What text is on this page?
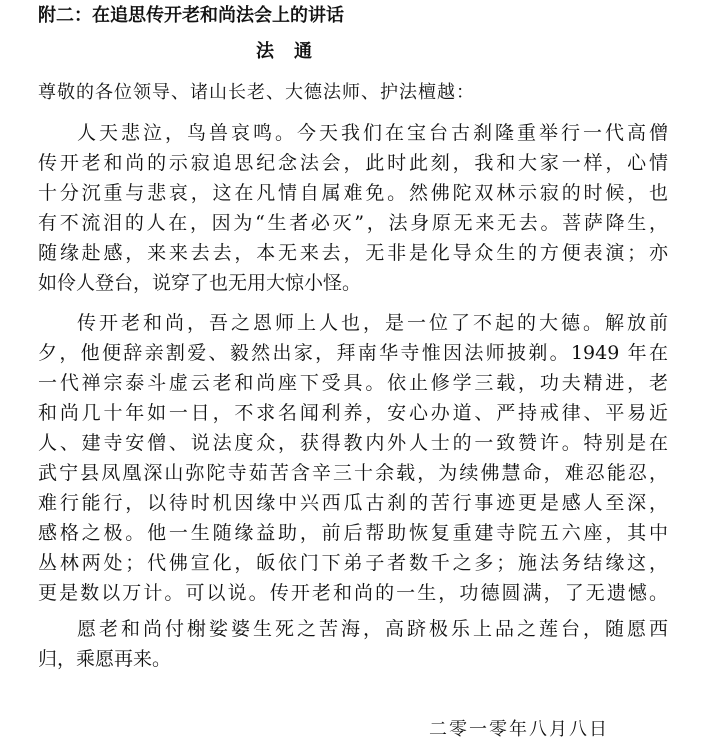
附二：在追思传开老和尚法会上的讲话
法通
尊敬的各位领导、诸山长老、大德法师、护法檀越：
人天悲泣，鸟兽哀鸣。今天我们在宝台古刹隆重举行一代高僧
传开老和尚的示寂追思纪念法会，此时此刻，我和大家一样，心情
十分沉重与悲哀，这在凡情自属难免。然佛陀双林示寂的时候，也
有不流泪的人在，因为“生者必灭”，法身原无来无去。菩萨降生，
随缘赴感，来来去去，本无来去，无非是化导众生的方便表演；亦
如伶人登台，说穿了也无用大惊小怪。
传开老和尚，吾之恩师上人也，是一位了不起的大德。解放前
夕，他便辞亲割爱、毅然出家，拜南华寺惟因法师披剃。1949 年在
一代禅宗泰斗虚云老和尚座下受具。依止修学三载，功夫精进，老
和尚几十年如一日，不求名闻利养，安心办道、严持戒律、平易近
人、建寺安僧、说法度众，获得教内外人士的一致赞许。特别是在
武宁县凤凰深山弥陀寺茹苦含辛三十余载，为续佛慧命，难忍能忍，
难行能行，以待时机因缘中兴西瓜古刹的苦行事迹更是感人至深，
感格之极。他一生随缘益助，前后帮助恢复重建寺院五六座，其中
丛林两处；代佛宣化，皈依门下弟子者数千之多；施法务结缘这，
更是数以万计。可以说。传开老和尚的一生，功德圆满，了无遗憾。
愿老和尚付榭娑婆生死之苦海，高跻极乐上品之莲台，随愿西
归，乘愿再来。
二零一零年八月八日
